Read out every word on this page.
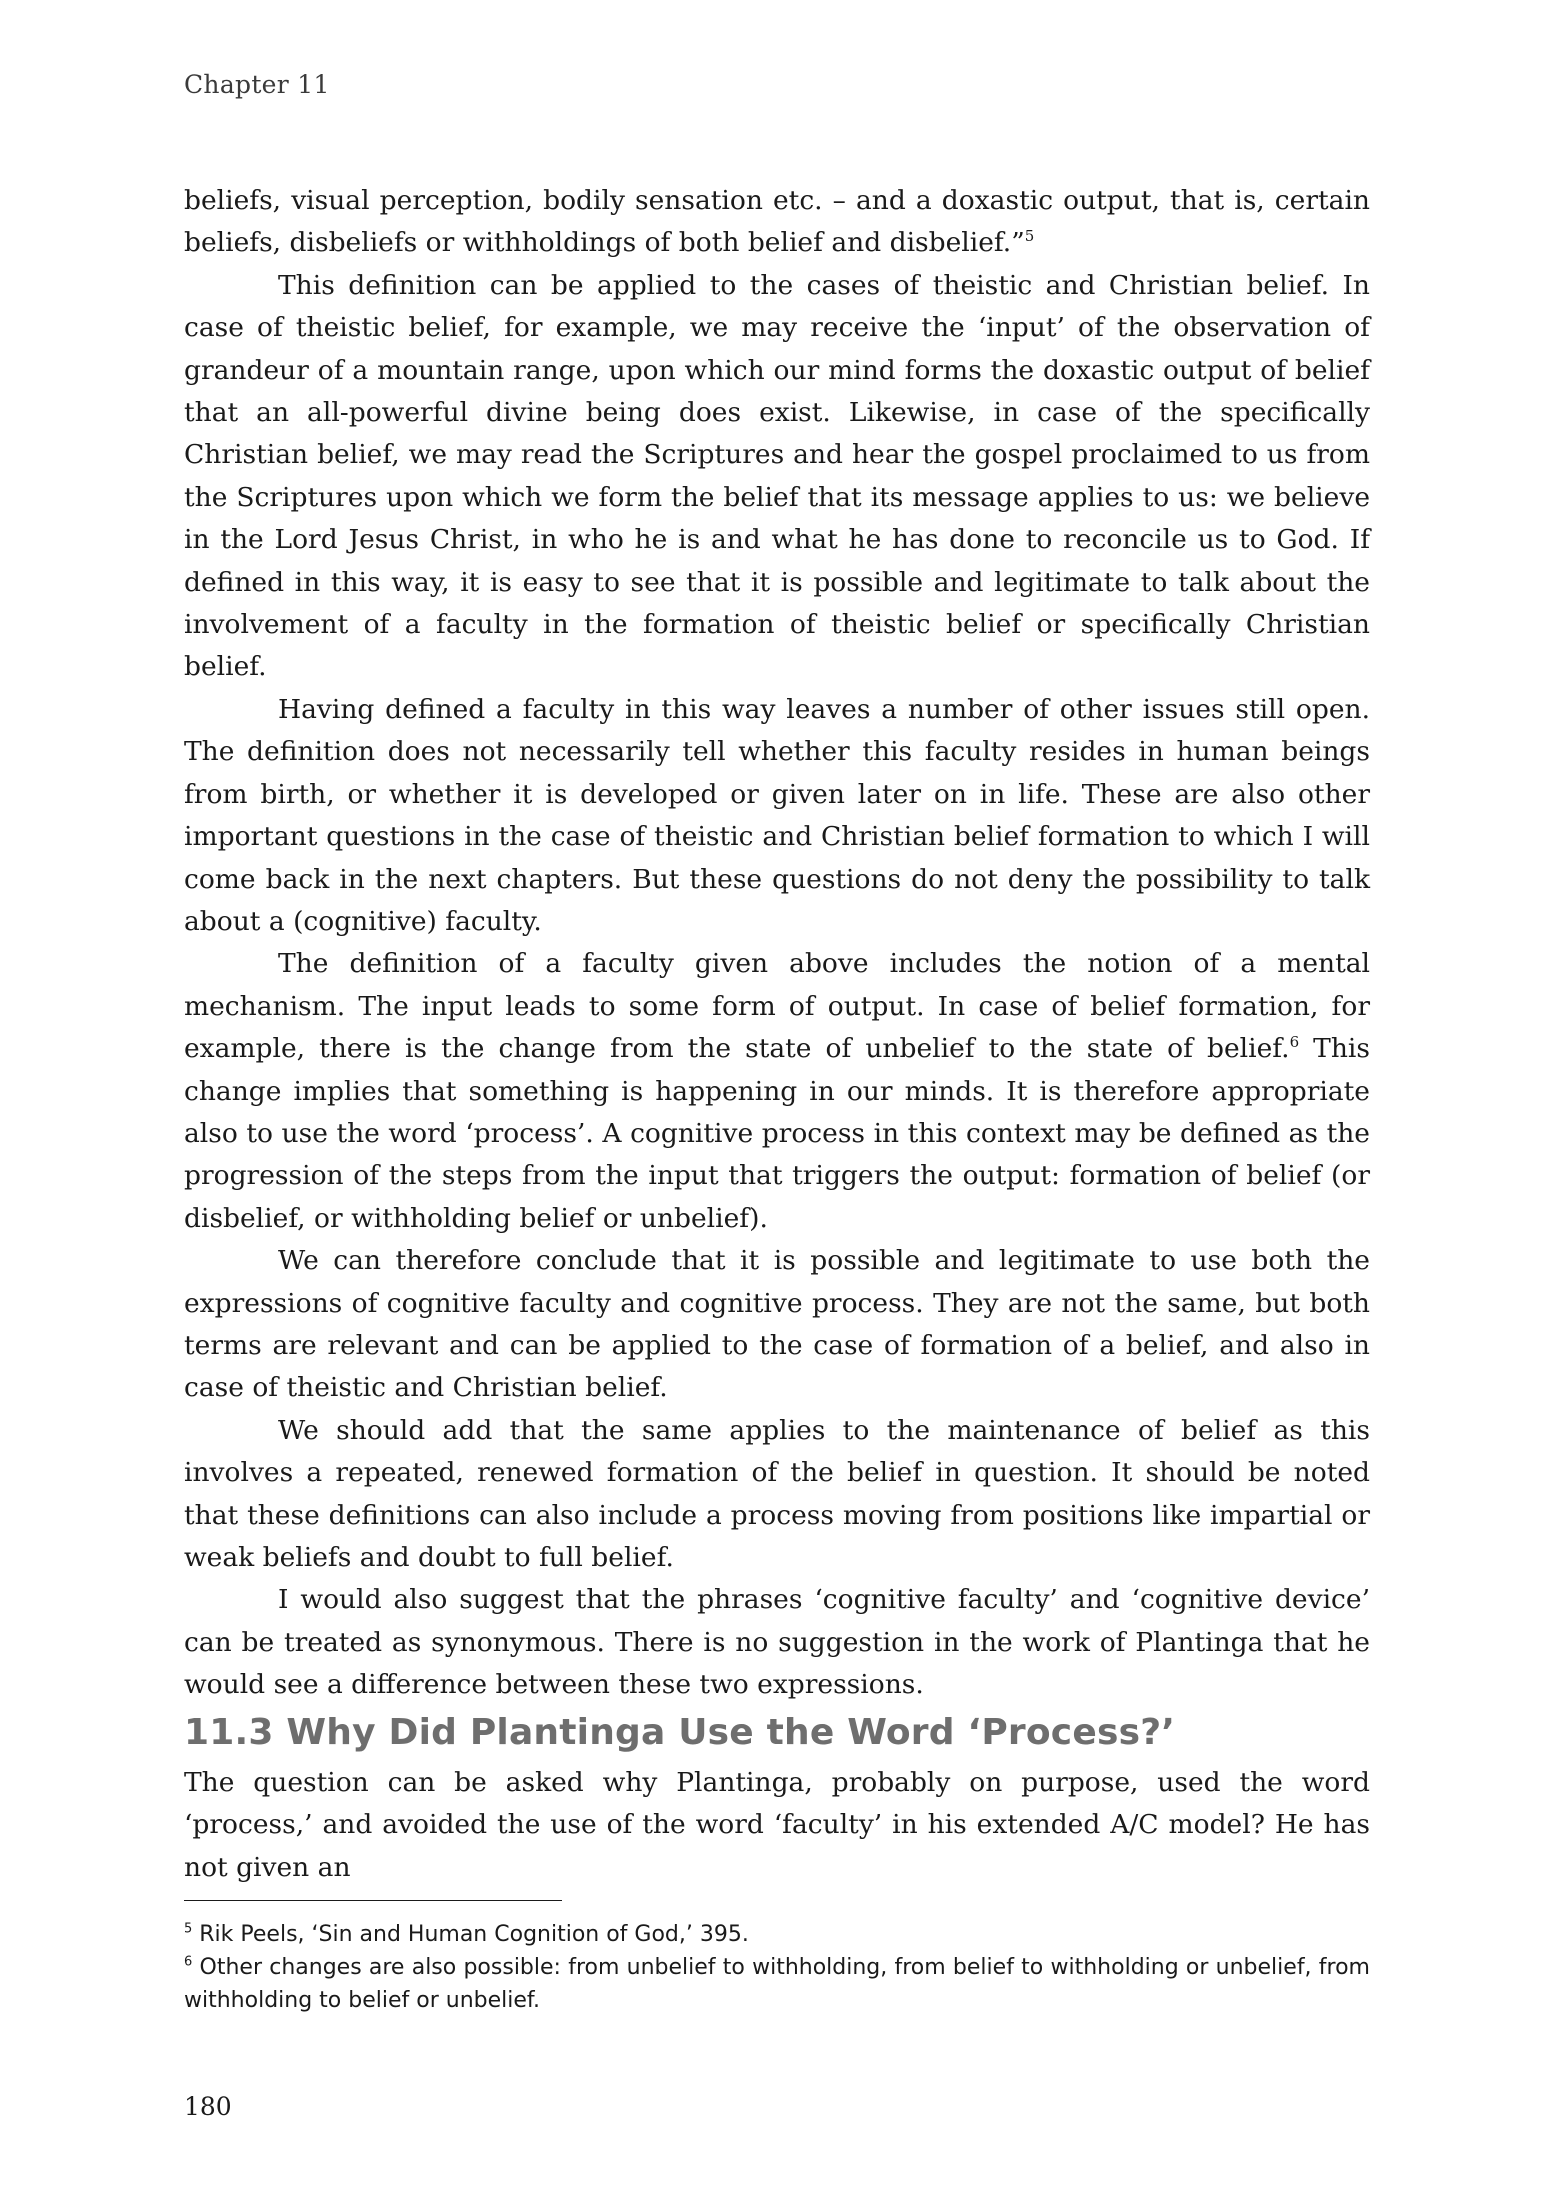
Chapter 11

beliefs, visual perception, bodily sensation etc. – and a doxastic output, that is, certain beliefs, disbeliefs or withholdings of both belief and disbelief.”$^5$

This definition can be applied to the cases of theistic and Christian belief. In case of theistic belief, for example, we may receive the ‘input’ of the observation of grandeur of a mountain range, upon which our mind forms the doxastic output of belief that an all-powerful divine being does exist. Likewise, in case of the specifically Christian belief, we may read the Scriptures and hear the gospel proclaimed to us from the Scriptures upon which we form the belief that its message applies to us: we believe in the Lord Jesus Christ, in who he is and what he has done to reconcile us to God. If defined in this way, it is easy to see that it is possible and legitimate to talk about the involvement of a faculty in the formation of theistic belief or specifically Christian belief.

Having defined a faculty in this way leaves a number of other issues still open. The definition does not necessarily tell whether this faculty resides in human beings from birth, or whether it is developed or given later on in life. These are also other important questions in the case of theistic and Christian belief formation to which I will come back in the next chapters. But these questions do not deny the possibility to talk about a (cognitive) faculty.

The definition of a faculty given above includes the notion of a mental mechanism. The input leads to some form of output. In case of belief formation, for example, there is the change from the state of unbelief to the state of belief.$^6$ This change implies that something is happening in our minds. It is therefore appropriate also to use the word ‘process’. A cognitive process in this context may be defined as the progression of the steps from the input that triggers the output: formation of belief (or disbelief, or withholding belief or unbelief).

We can therefore conclude that it is possible and legitimate to use both the expressions of cognitive faculty and cognitive process. They are not the same, but both terms are relevant and can be applied to the case of formation of a belief, and also in case of theistic and Christian belief.

We should add that the same applies to the maintenance of belief as this involves a repeated, renewed formation of the belief in question. It should be noted that these definitions can also include a process moving from positions like impartial or weak beliefs and doubt to full belief.

I would also suggest that the phrases ‘cognitive faculty’ and ‘cognitive device’ can be treated as synonymous. There is no suggestion in the work of Plantinga that he would see a difference between these two expressions.

11.3 Why Did Plantinga Use the Word ‘Process?’

The question can be asked why Plantinga, probably on purpose, used the word ‘process,’ and avoided the use of the word ‘faculty’ in his extended A/C model? He has not given an

$^5$ Rik Peels, ‘Sin and Human Cognition of God,’ 395.

$^6$ Other changes are also possible: from unbelief to withholding, from belief to withholding or unbelief, from withholding to belief or unbelief.

180
